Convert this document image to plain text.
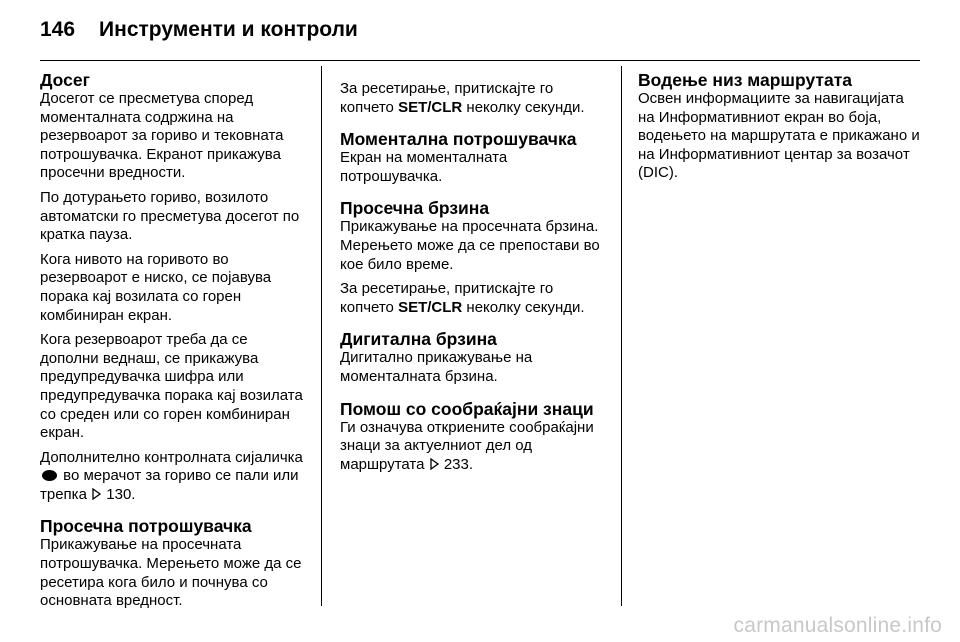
146 Инструменти и контроли
Досег

Досегот се пресметува според моменталната содржина на резервоарот за гориво и тековната потрошувачка. Екранот прикажува просечни вредности.

По дотурањето гориво, возилото автоматски го пресметува досегот по кратка пауза.

Кога нивото на горивото во резервоарот е ниско, се појавува порака кај возилата со горен комбиниран екран.

Кога резервоарот треба да се дополни веднаш, се прикажува предупредувачка шифра или предупредувачка порака кај возилата со среден или со горен комбиниран екран.

Дополнително контролната сијаличка  во мерачот за гориво се пали или трепка 130.

Просечна потрошувачка

Прикажување на просечната потрошувачка. Мерењето може да се ресетира кога било и почнува со основната вредност.

За ресетирање, притискајте го копчето SET/CLR неколку секунди.

Моментална потрошувачка

Екран на моменталната потрошувачка.

Просечна брзина

Прикажување на просечната брзина. Мерењето може да се препостави во кое било време.

За ресетирање, притискајте го копчето SET/CLR неколку секунди.

Дигитална брзина

Дигитално прикажување на моменталната брзина.

Помош со сообраќајни знаци

Ги означува откриените сообраќајни знаци за актуелниот дел од маршрутата 233.

Водење низ маршрутата

Освен информациите за навигацијата на Информативниот екран во боја, водењето на маршрутата е прикажано и на Информативниот центар за возачот (DIC).

carmanualsonline.info
